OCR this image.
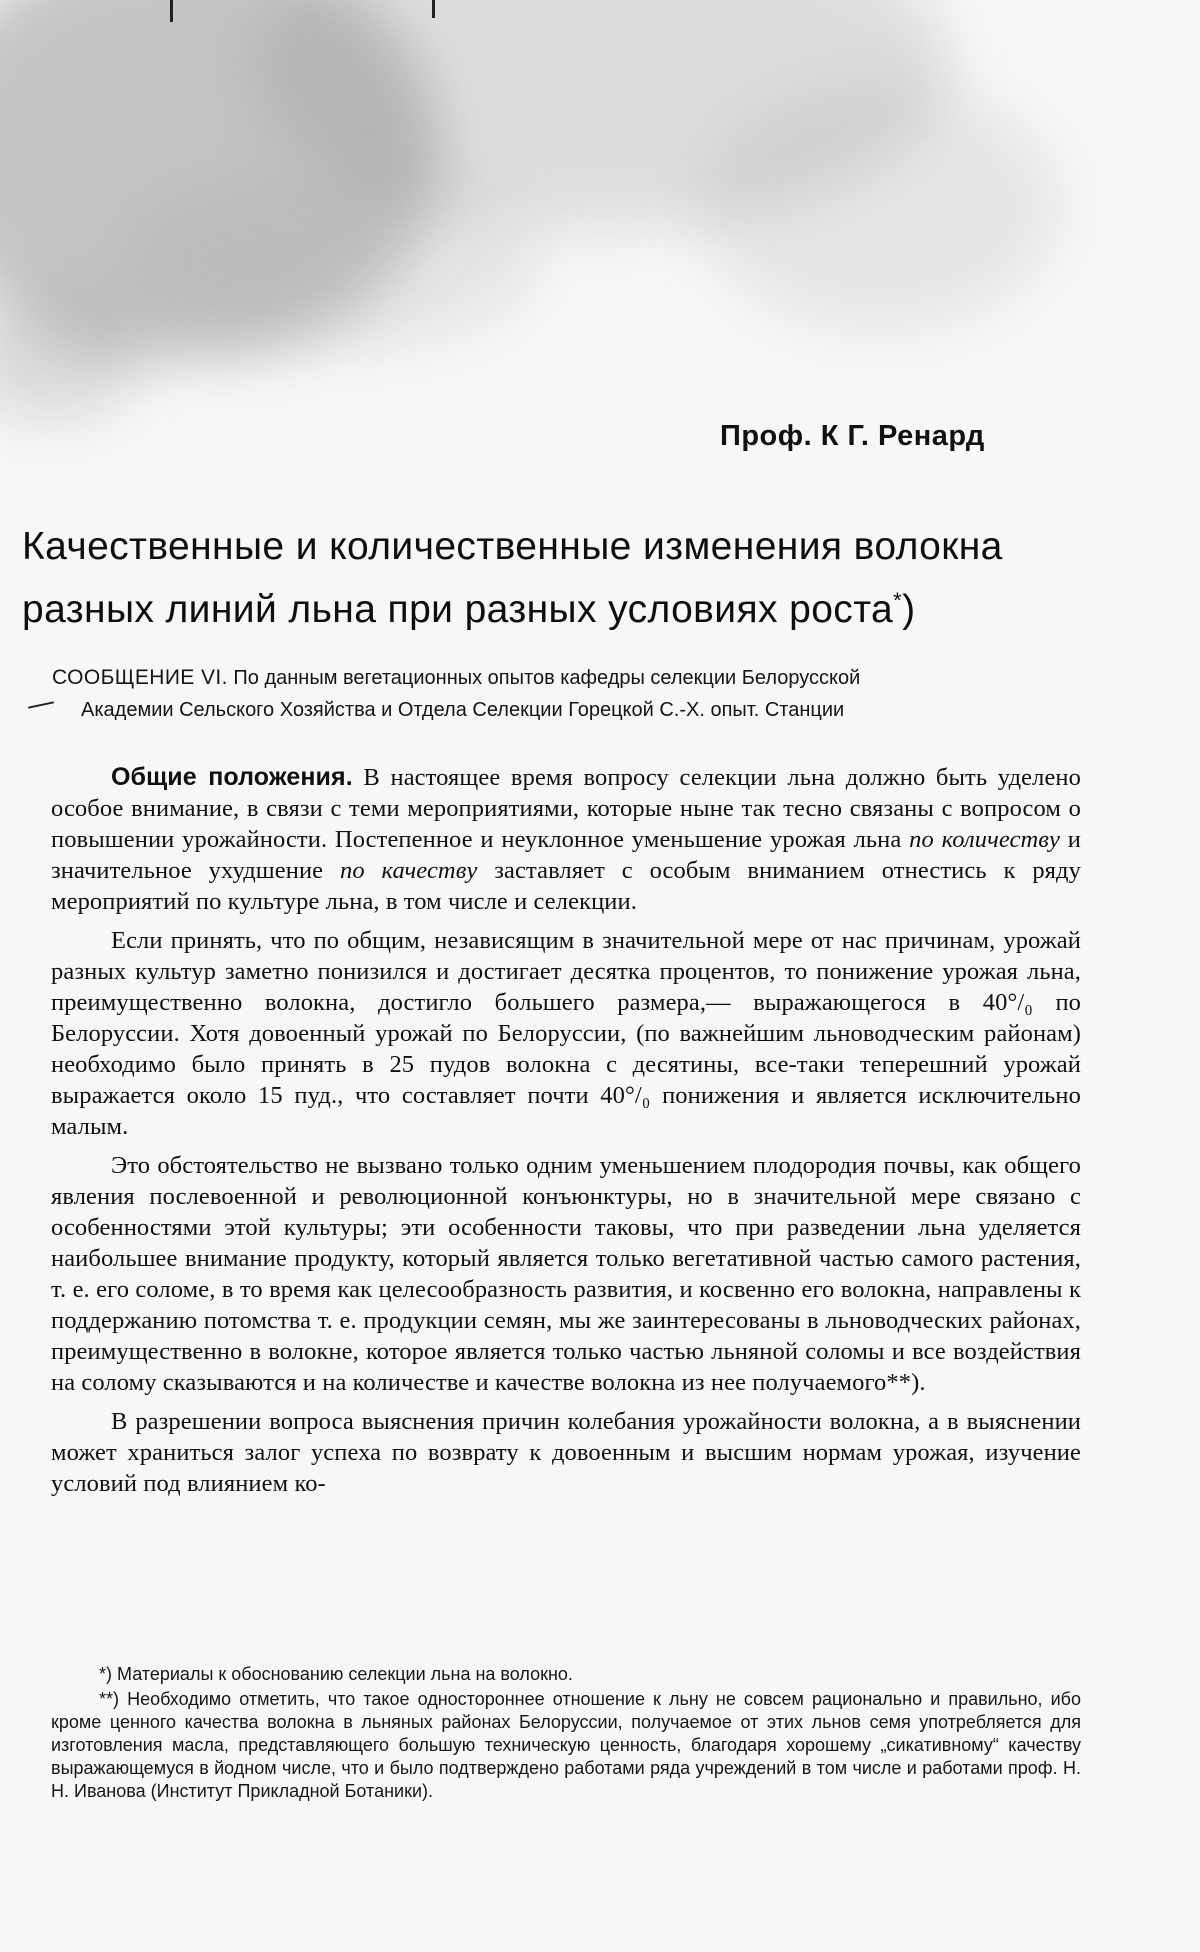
Проф. К Г. Ренард
Качественные и количественные изменения волокна
разных линий льна при разных условиях роста*)
СООБЩЕНИЕ VI. По данным вегетационных опытов кафедры селекции Белорусской
Академии Сельского Хозяйства и Отдела Селекции Горецкой С.-Х. опыт. Станции

Общие положения. В настоящее время вопросу селекции льна должно быть уделено особое внимание, в связи с теми мероприятиями, которые ныне так тесно связаны с вопросом о повышении урожайности. Постепенное и неуклонное уменьшение урожая льна по количеству и значительное ухудшение по качеству заставляет с особым вниманием отнестись к ряду мероприятий по культуре льна, в том числе и селекции.

Если принять, что по общим, независящим в значительной мере от нас причинам, урожай разных культур заметно понизился и достигает десятка процентов, то понижение урожая льна, преимущественно волокна, достигло большего размера,— выражающегося в 40°/₀ по Белоруссии. Хотя довоенный урожай по Белоруссии, (по важнейшим льноводческим районам) необходимо было принять в 25 пудов волокна с десятины, все-таки теперешний урожай выражается около 15 пуд., что составляет почти 40°/₀ понижения и является исключительно малым.

Это обстоятельство не вызвано только одним уменьшением плодородия почвы, как общего явления послевоенной и революционной конъюнктуры, но в значительной мере связано с особенностями этой культуры; эти особенности таковы, что при разведении льна уделяется наибольшее внимание продукту, который является только вегетативной частью самого растения, т. е. его соломе, в то время как целесообразность развития, и косвенно его волокна, направлены к поддержанию потомства т. е. продукции семян, мы же заинтересованы в льноводческих районах, преимущественно в волокне, которое является только частью льняной соломы и все воздействия на солому сказываются и на количестве и качестве волокна из нее получаемого**).

В разрешении вопроса выяснения причин колебания урожайности волокна, а в выяснении может храниться залог успеха по возврату к довоенным и высшим нормам урожая, изучение условий под влиянием ко-

*) Материалы к обоснованию селекции льна на волокно.

**) Необходимо отметить, что такое одностороннее отношение к льну не совсем рационально и правильно, ибо кроме ценного качества волокна в льняных районах Белоруссии, получаемое от этих льнов семя употребляется для изготовления масла, представляющего большую техническую ценность, благодаря хорошему „сикативному“ качеству выражающемуся в йодном числе, что и было подтверждено работами ряда учреждений в том числе и работами проф. Н. Н. Иванова (Институт Прикладной Ботаники).
